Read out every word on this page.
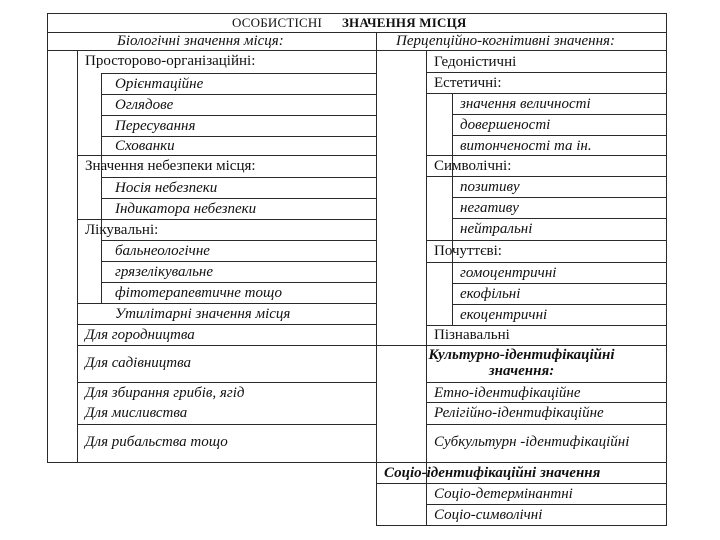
ОСОБИСТІСНІ ЗНАЧЕННЯ МІСЦЯ
Біологічні значення місця:
Просторово-організаційні:
Орієнтаційне
Оглядове
Пересування
Схованки
Значення небезпеки місця:
Носія небезпеки
Індикатора небезпеки
Лікувальні:
бальнеологічне
грязелікувальне
фітотерапевтичне тощо
Утилітарні значення місця
Для городництва
Для садівництва
Для збирання грибів, ягід
Для мисливства
Для рибальства тощо
Перцепційно-когнітивні значення:
Гедоністичні
Естетичні:
значення величності
довершеності
витонченості та ін.
Символічні:
позитиву
негативу
нейтральні
Почуттєві:
гомоцентричні
екофільні
екоцентричні
Пізнавальні
Культурно-ідентифікаційні
значення:
Етно-ідентифікаційне
Релігійно-ідентифікаційне
Субкультурн -ідентифікаційні
Соціо-ідентифікаційні значення
Соціо-детермінантні
Соціо-символічні
